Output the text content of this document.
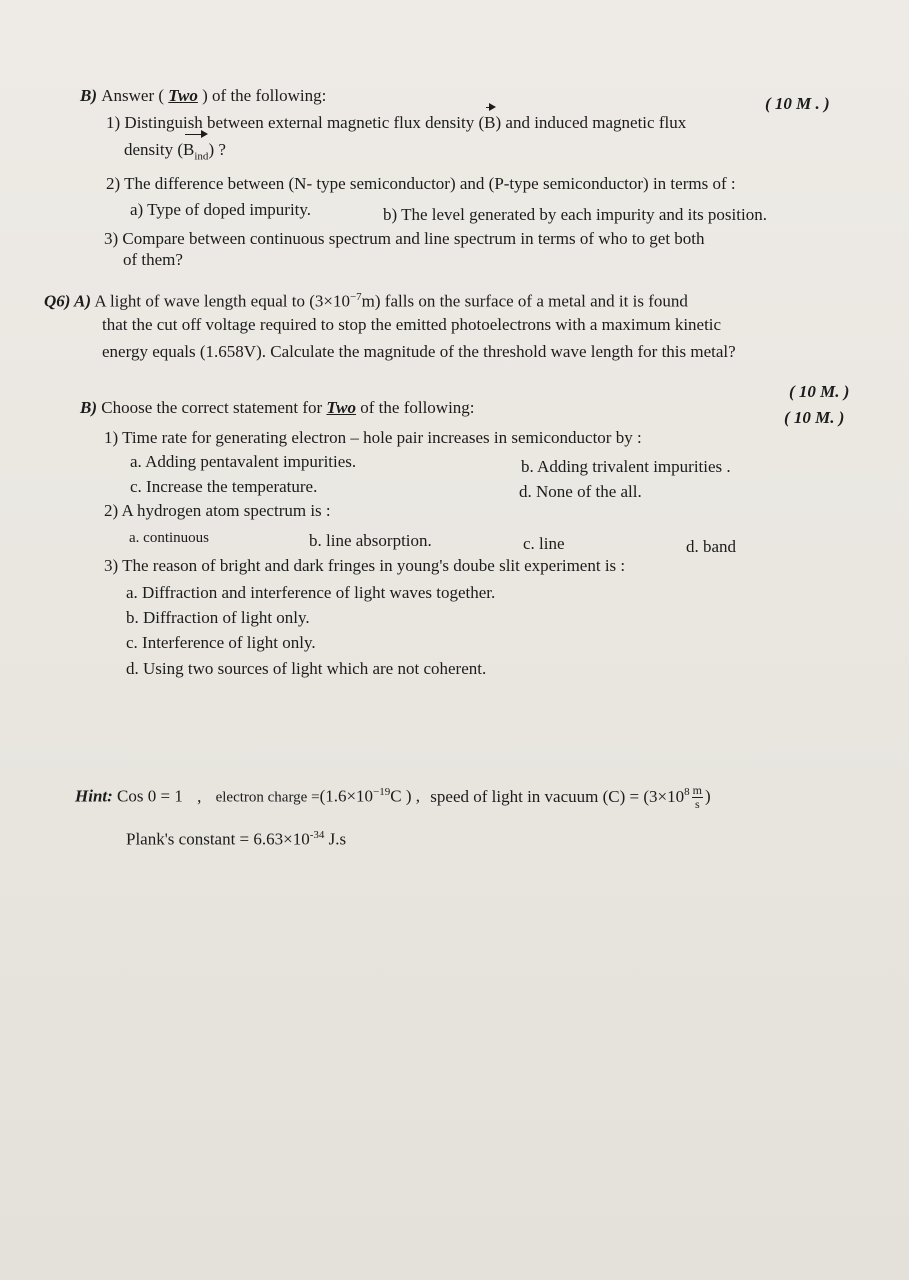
B) Answer ( Two ) of the following:	( 10 M . )
1) Distinguish between external magnetic flux density (B) and induced magnetic flux
density $(B_{ind})$ ?
2) The difference between (N- type semiconductor) and (P-type semiconductor) in terms of :
a) Type of doped impurity.	b) The level generated by each impurity and its position.
3) Compare between continuous spectrum and line spectrum in terms of who to get both
of them?
Q6) A) A light of wave length equal to $(3\times 10^{-7}m)$ falls on the surface of a metal and it is found
that the cut off voltage required to stop the emitted photoelectrons with a maximum kinetic
energy equals (1.658V). Calculate the magnitude of the threshold wave length for this metal?
( 10 M. )
B) Choose the correct statement for Two of the following:
( 10 M. )
1) Time rate for generating electron – hole pair increases in semiconductor by :
a. Adding pentavalent impurities.	b. Adding trivalent impurities .
c. Increase the temperature.	d. None of the all.
2) A hydrogen atom spectrum is :
a. continuous	b. line absorption.	c. line	d. band
3) The reason of bright and dark fringes in young's doube slit experiment is :
a. Diffraction and interference of light waves together.
b. Diffraction of light only.
c. Interference of light only.
d. Using two sources of light which are not coherent.
Hint: Cos 0 = 1 , electron charge $=(1.6\times 10^{-19}C$ ) , speed of light in vacuum $(C) = (3\times 10^8 \frac{m}{s}$ )
Plank's constant = $6.63\times 10^{-34}$ J.s
